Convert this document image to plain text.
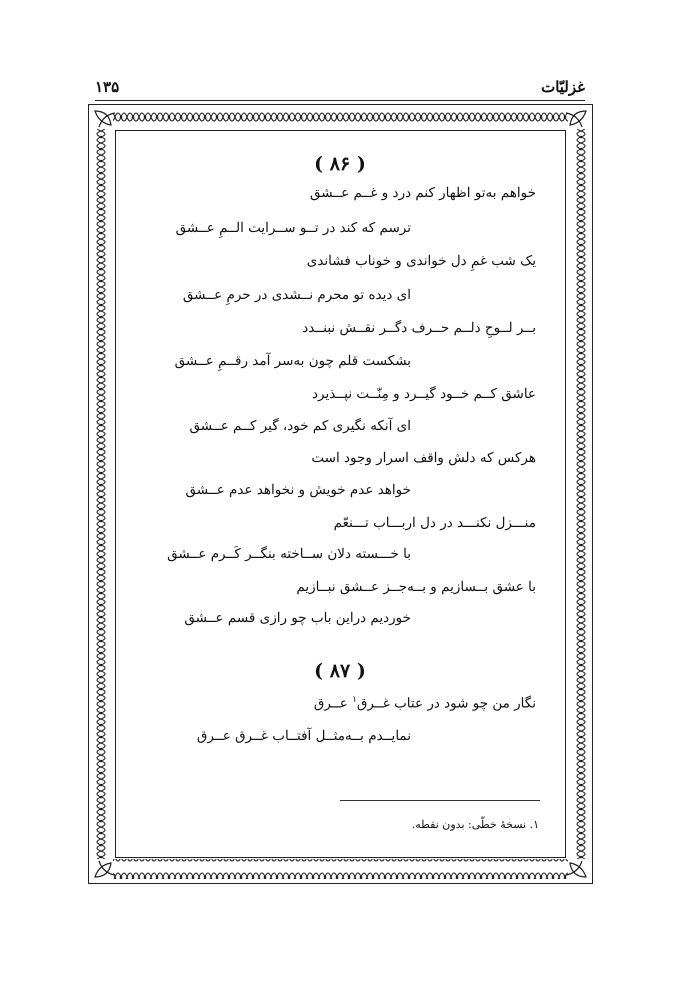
۱۳۵	غزلیّات
( ۸۶ )
خواهم به‌تو اظهار کنم درد و غــم عــشق
ترسم که کند در تــو ســرایت الــمِ عــشق
یک شب غمِ دل خواندی و خوناب فشاندی
ای دیده تو محرم نــشدی در حرمِ عــشق
بــر لــوحِ دلــم حــرف دگــر نقــش نبنــدد
بشکست قلم چون به‌سر آمد رقــمِ عــشق
عاشق کــم خــود گیــرد و مِنّــت نپــذیرد
ای آنکه نگیری کم خود، گیر کــم عــشق
هرکس که دلش واقف اسرار وجود است
خواهد عدم خویش و نخواهد عدم عــشق
منـــزل نکنـــد در دل اربـــاب تـــنعّم
با خـــسته دلان ســاخته بنگــر کَــرم عــشق
با عشق بــسازیم و بــه‌جــز عــشق نبــازیم
خوردیم دراین باب چو رازی قسم عــشق
( ۸۷ )
نگار من چو شود در عتاب غــرق$^۱$ عــرق
نمایــدم بــه‌مثــل آفتــاب غــرق عــرق
۱. نسخهٔ خطّی: بدون نقطه.
